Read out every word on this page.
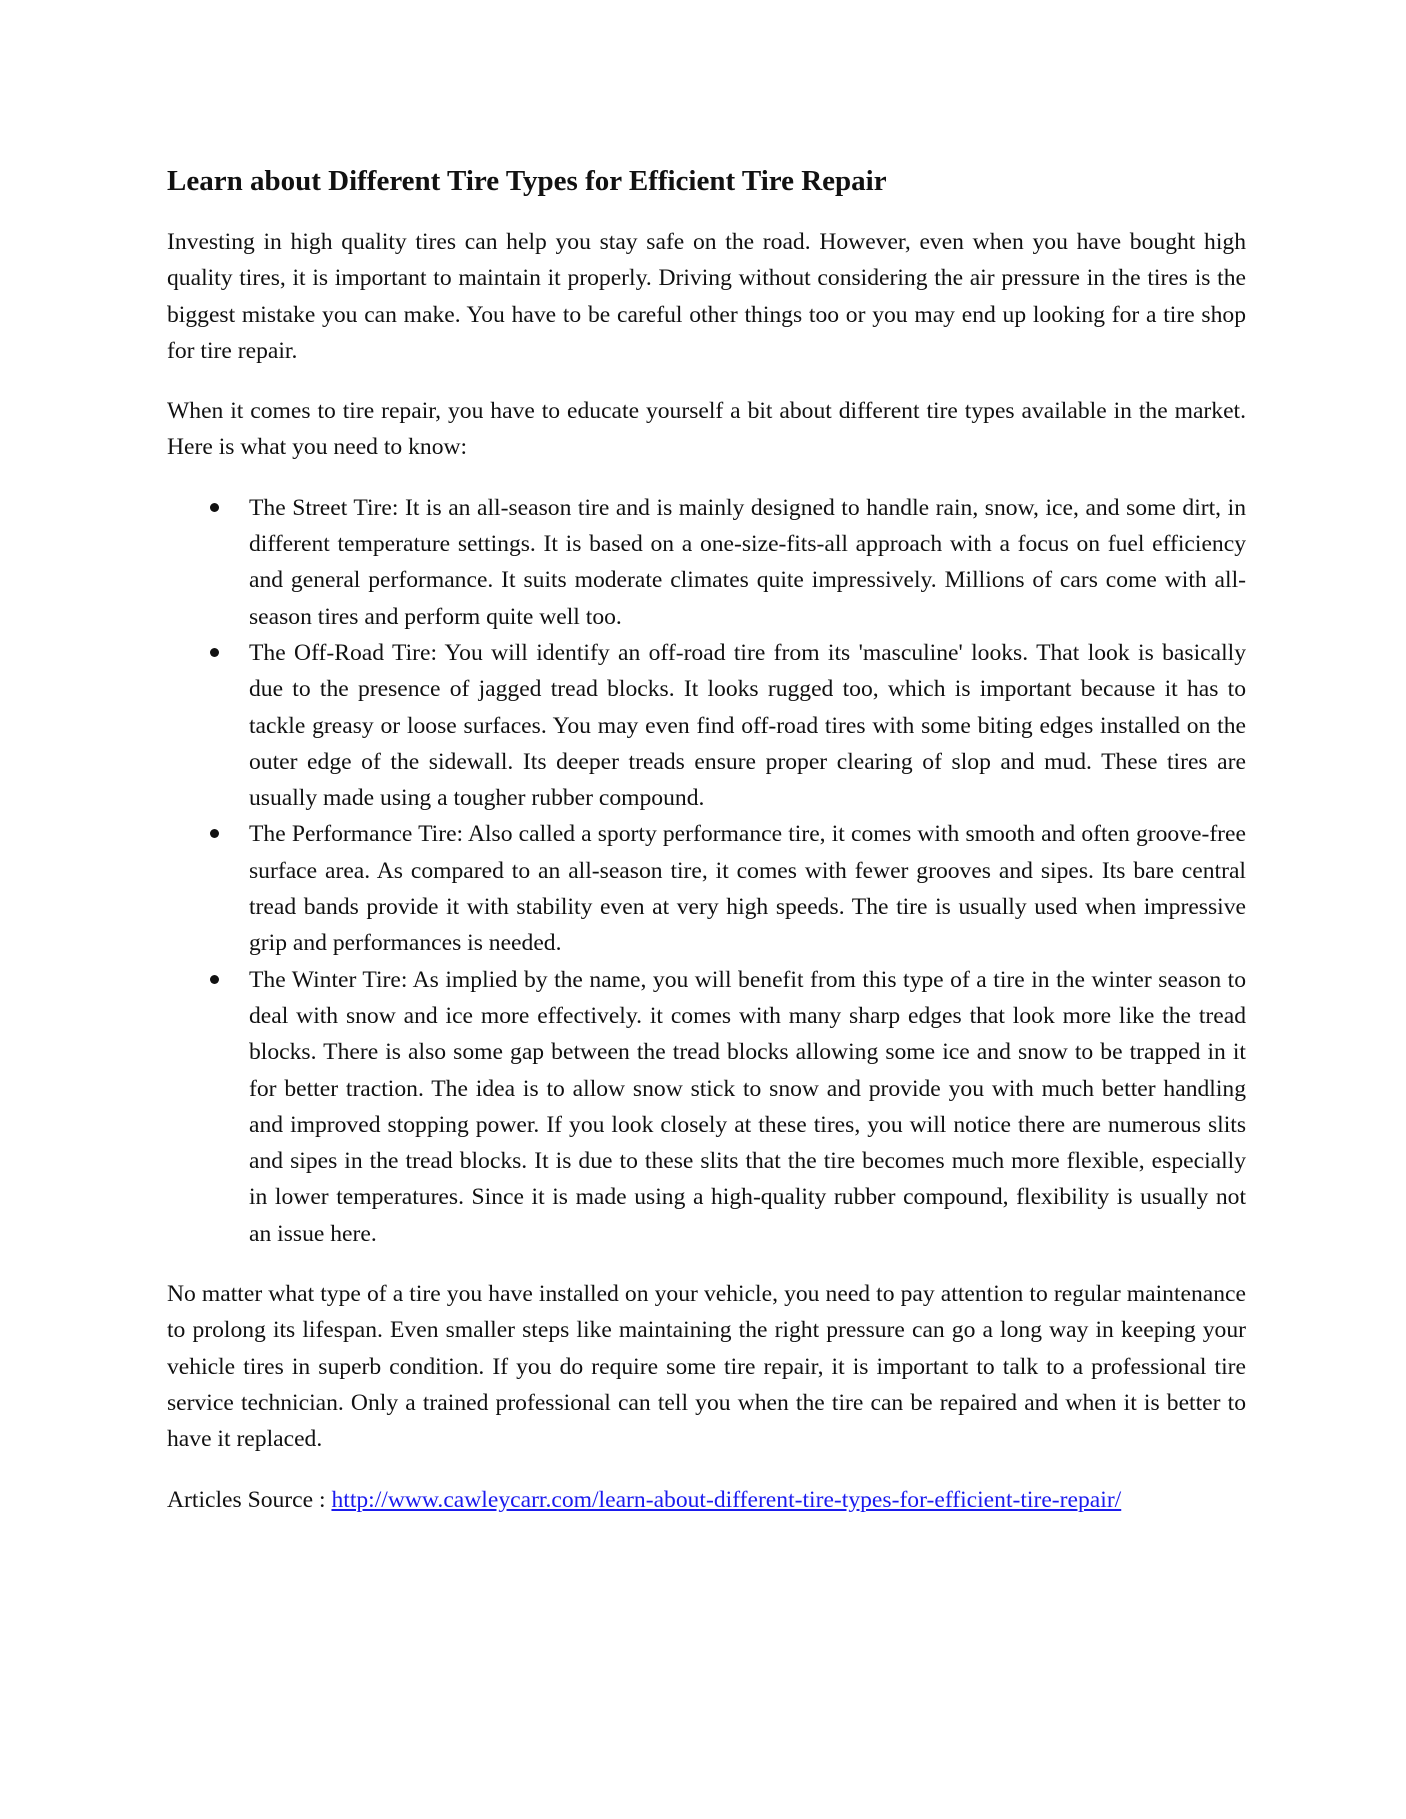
Learn about Different Tire Types for Efficient Tire Repair

Investing in high quality tires can help you stay safe on the road. However, even when you have bought high quality tires, it is important to maintain it properly. Driving without considering the air pressure in the tires is the biggest mistake you can make. You have to be careful other things too or you may end up looking for a tire shop for tire repair.

When it comes to tire repair, you have to educate yourself a bit about different tire types available in the market. Here is what you need to know:

The Street Tire: It is an all-season tire and is mainly designed to handle rain, snow, ice, and some dirt, in different temperature settings. It is based on a one-size-fits-all approach with a focus on fuel efficiency and general performance. It suits moderate climates quite impressively. Millions of cars come with all-season tires and perform quite well too.
The Off-Road Tire: You will identify an off-road tire from its 'masculine' looks. That look is basically due to the presence of jagged tread blocks. It looks rugged too, which is important because it has to tackle greasy or loose surfaces. You may even find off-road tires with some biting edges installed on the outer edge of the sidewall. Its deeper treads ensure proper clearing of slop and mud. These tires are usually made using a tougher rubber compound.
The Performance Tire: Also called a sporty performance tire, it comes with smooth and often groove-free surface area. As compared to an all-season tire, it comes with fewer grooves and sipes. Its bare central tread bands provide it with stability even at very high speeds. The tire is usually used when impressive grip and performances is needed.
The Winter Tire: As implied by the name, you will benefit from this type of a tire in the winter season to deal with snow and ice more effectively. it comes with many sharp edges that look more like the tread blocks. There is also some gap between the tread blocks allowing some ice and snow to be trapped in it for better traction. The idea is to allow snow stick to snow and provide you with much better handling and improved stopping power. If you look closely at these tires, you will notice there are numerous slits and sipes in the tread blocks. It is due to these slits that the tire becomes much more flexible, especially in lower temperatures. Since it is made using a high-quality rubber compound, flexibility is usually not an issue here.

No matter what type of a tire you have installed on your vehicle, you need to pay attention to regular maintenance to prolong its lifespan. Even smaller steps like maintaining the right pressure can go a long way in keeping your vehicle tires in superb condition. If you do require some tire repair, it is important to talk to a professional tire service technician. Only a trained professional can tell you when the tire can be repaired and when it is better to have it replaced.

Articles Source : http://www.cawleycarr.com/learn-about-different-tire-types-for-efficient-tire-repair/
